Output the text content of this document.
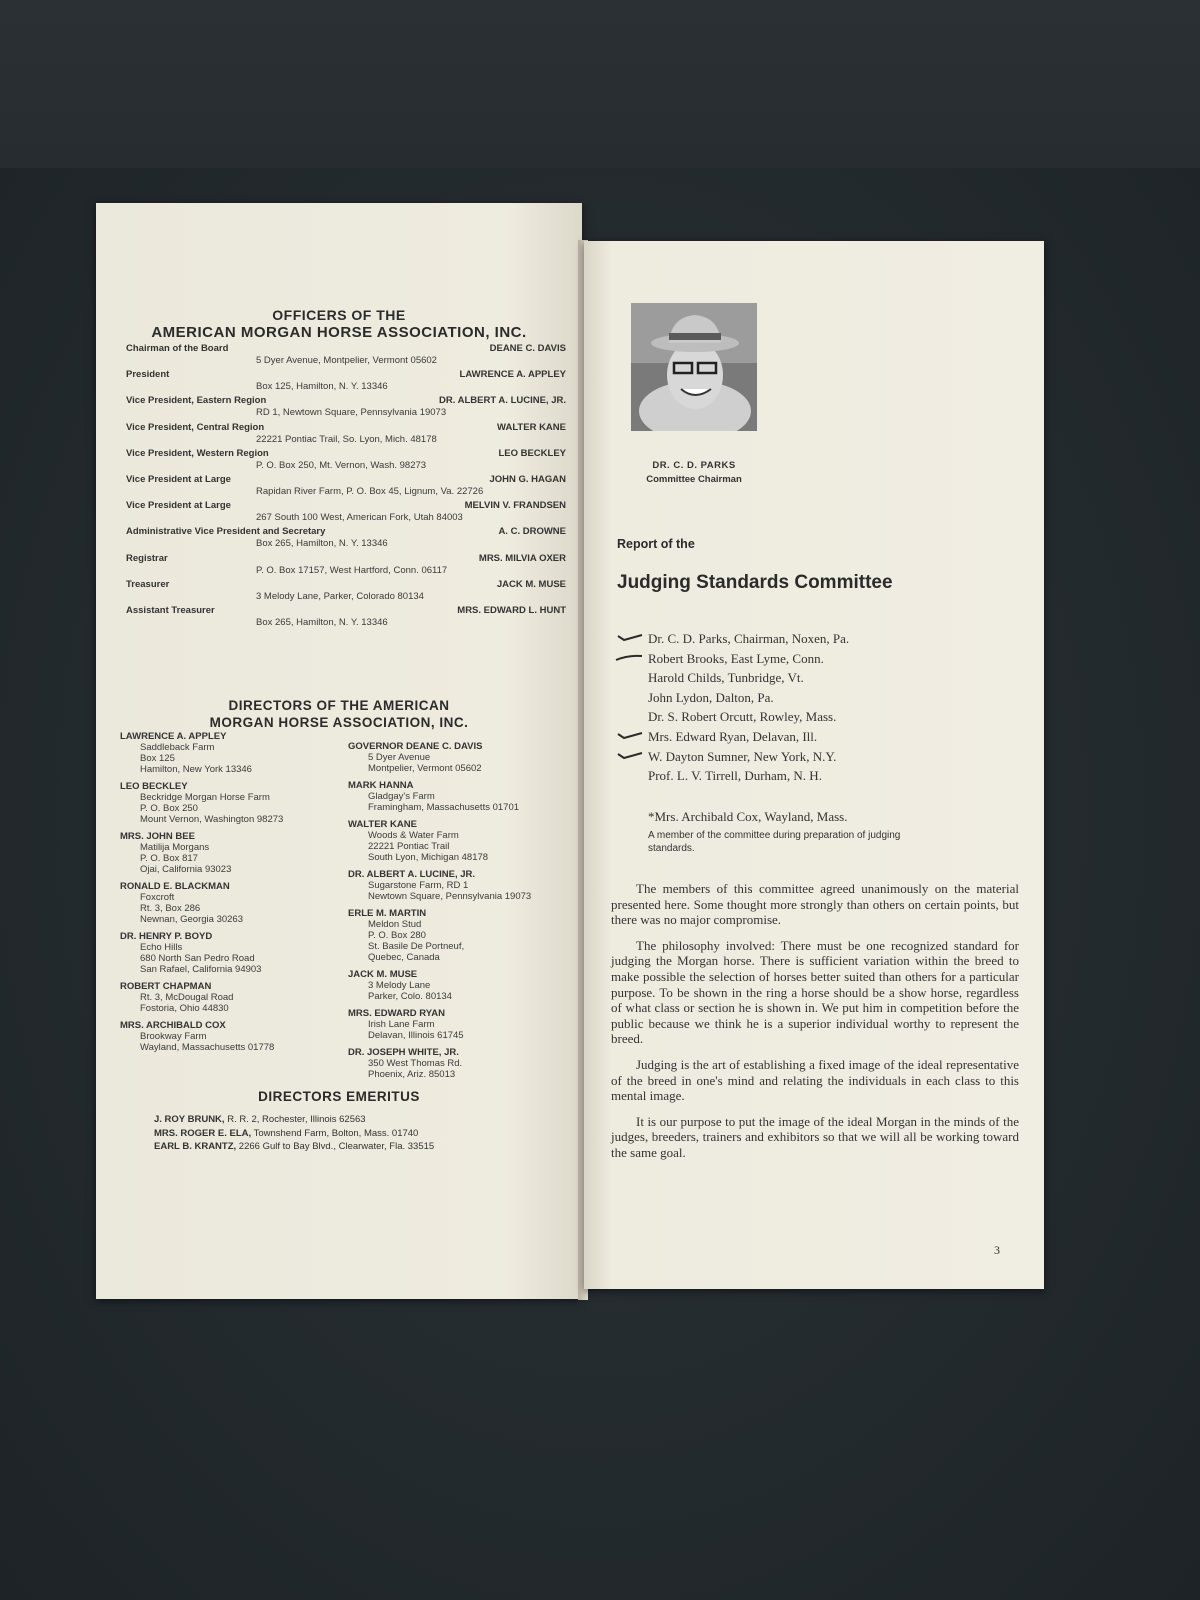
OFFICERS OF THE
AMERICAN MORGAN HORSE ASSOCIATION, INC.
Chairman of the Board	DEANE C. DAVIS
5 Dyer Avenue, Montpelier, Vermont 05602
President	LAWRENCE A. APPLEY
Box 125, Hamilton, N. Y. 13346
Vice President, Eastern Region	DR. ALBERT A. LUCINE, JR.
RD 1, Newtown Square, Pennsylvania 19073
Vice President, Central Region	WALTER KANE
22221 Pontiac Trail, So. Lyon, Mich. 48178
Vice President, Western Region	LEO BECKLEY
P. O. Box 250, Mt. Vernon, Wash. 98273
Vice President at Large	JOHN G. HAGAN
Rapidan River Farm, P. O. Box 45, Lignum, Va. 22726
Vice President at Large	MELVIN V. FRANDSEN
267 South 100 West, American Fork, Utah 84003
Administrative Vice President and Secretary	A. C. DROWNE
Box 265, Hamilton, N. Y. 13346
Registrar	MRS. MILVIA OXER
P. O. Box 17157, West Hartford, Conn. 06117
Treasurer	JACK M. MUSE
3 Melody Lane, Parker, Colorado 80134
Assistant Treasurer	MRS. EDWARD L. HUNT
Box 265, Hamilton, N. Y. 13346
DIRECTORS OF THE AMERICAN
MORGAN HORSE ASSOCIATION, INC.
LAWRENCE A. APPLEY
Saddleback Farm
Box 125
Hamilton, New York 13346
LEO BECKLEY
Beckridge Morgan Horse Farm
P. O. Box 250
Mount Vernon, Washington 98273
MRS. JOHN BEE
Matilija Morgans
P. O. Box 817
Ojai, California 93023
RONALD E. BLACKMAN
Foxcroft
Rt. 3, Box 286
Newnan, Georgia 30263
DR. HENRY P. BOYD
Echo Hills
680 North San Pedro Road
San Rafael, California 94903
ROBERT CHAPMAN
Rt. 3, McDougal Road
Fostoria, Ohio 44830
MRS. ARCHIBALD COX
Brookway Farm
Wayland, Massachusetts 01778
GOVERNOR DEANE C. DAVIS
5 Dyer Avenue
Montpelier, Vermont 05602
MARK HANNA
Gladgay's Farm
Framingham, Massachusetts 01701
WALTER KANE
Woods & Water Farm
22221 Pontiac Trail
South Lyon, Michigan 48178
DR. ALBERT A. LUCINE, JR.
Sugarstone Farm, RD 1
Newtown Square, Pennsylvania 19073
ERLE M. MARTIN
Meldon Stud
P. O. Box 280
St. Basile De Portneuf,
Quebec, Canada
JACK M. MUSE
3 Melody Lane
Parker, Colo. 80134
MRS. EDWARD RYAN
Irish Lane Farm
Delavan, Illinois 61745
DR. JOSEPH WHITE, JR.
350 West Thomas Rd.
Phoenix, Ariz. 85013
DIRECTORS EMERITUS
J. ROY BRUNK, R. R. 2, Rochester, Illinois 62563
MRS. ROGER E. ELA, Townshend Farm, Bolton, Mass. 01740
EARL B. KRANTZ, 2266 Gulf to Bay Blvd., Clearwater, Fla. 33515
DR. C. D. PARKS
Committee Chairman
Report of the
Judging Standards Committee
Dr. C. D. Parks, Chairman, Noxen, Pa.
Robert Brooks, East Lyme, Conn.
Harold Childs, Tunbridge, Vt.
John Lydon, Dalton, Pa.
Dr. S. Robert Orcutt, Rowley, Mass.
Mrs. Edward Ryan, Delavan, Ill.
W. Dayton Sumner, New York, N.Y.
Prof. L. V. Tirrell, Durham, N. H.
*Mrs. Archibald Cox, Wayland, Mass.
A member of the committee during preparation of judging standards.

The members of this committee agreed unanimously on the material presented here. Some thought more strongly than others on certain points, but there was no major compromise.

The philosophy involved: There must be one recognized standard for judging the Morgan horse. There is sufficient variation within the breed to make possible the selection of horses better suited than others for a particular purpose. To be shown in the ring a horse should be a show horse, regardless of what class or section he is shown in. We put him in competition before the public because we think he is a superior individual worthy to represent the breed.

Judging is the art of establishing a fixed image of the ideal representative of the breed in one's mind and relating the individuals in each class to this mental image.

It is our purpose to put the image of the ideal Morgan in the minds of the judges, breeders, trainers and exhibitors so that we will all be working toward the same goal.

3
